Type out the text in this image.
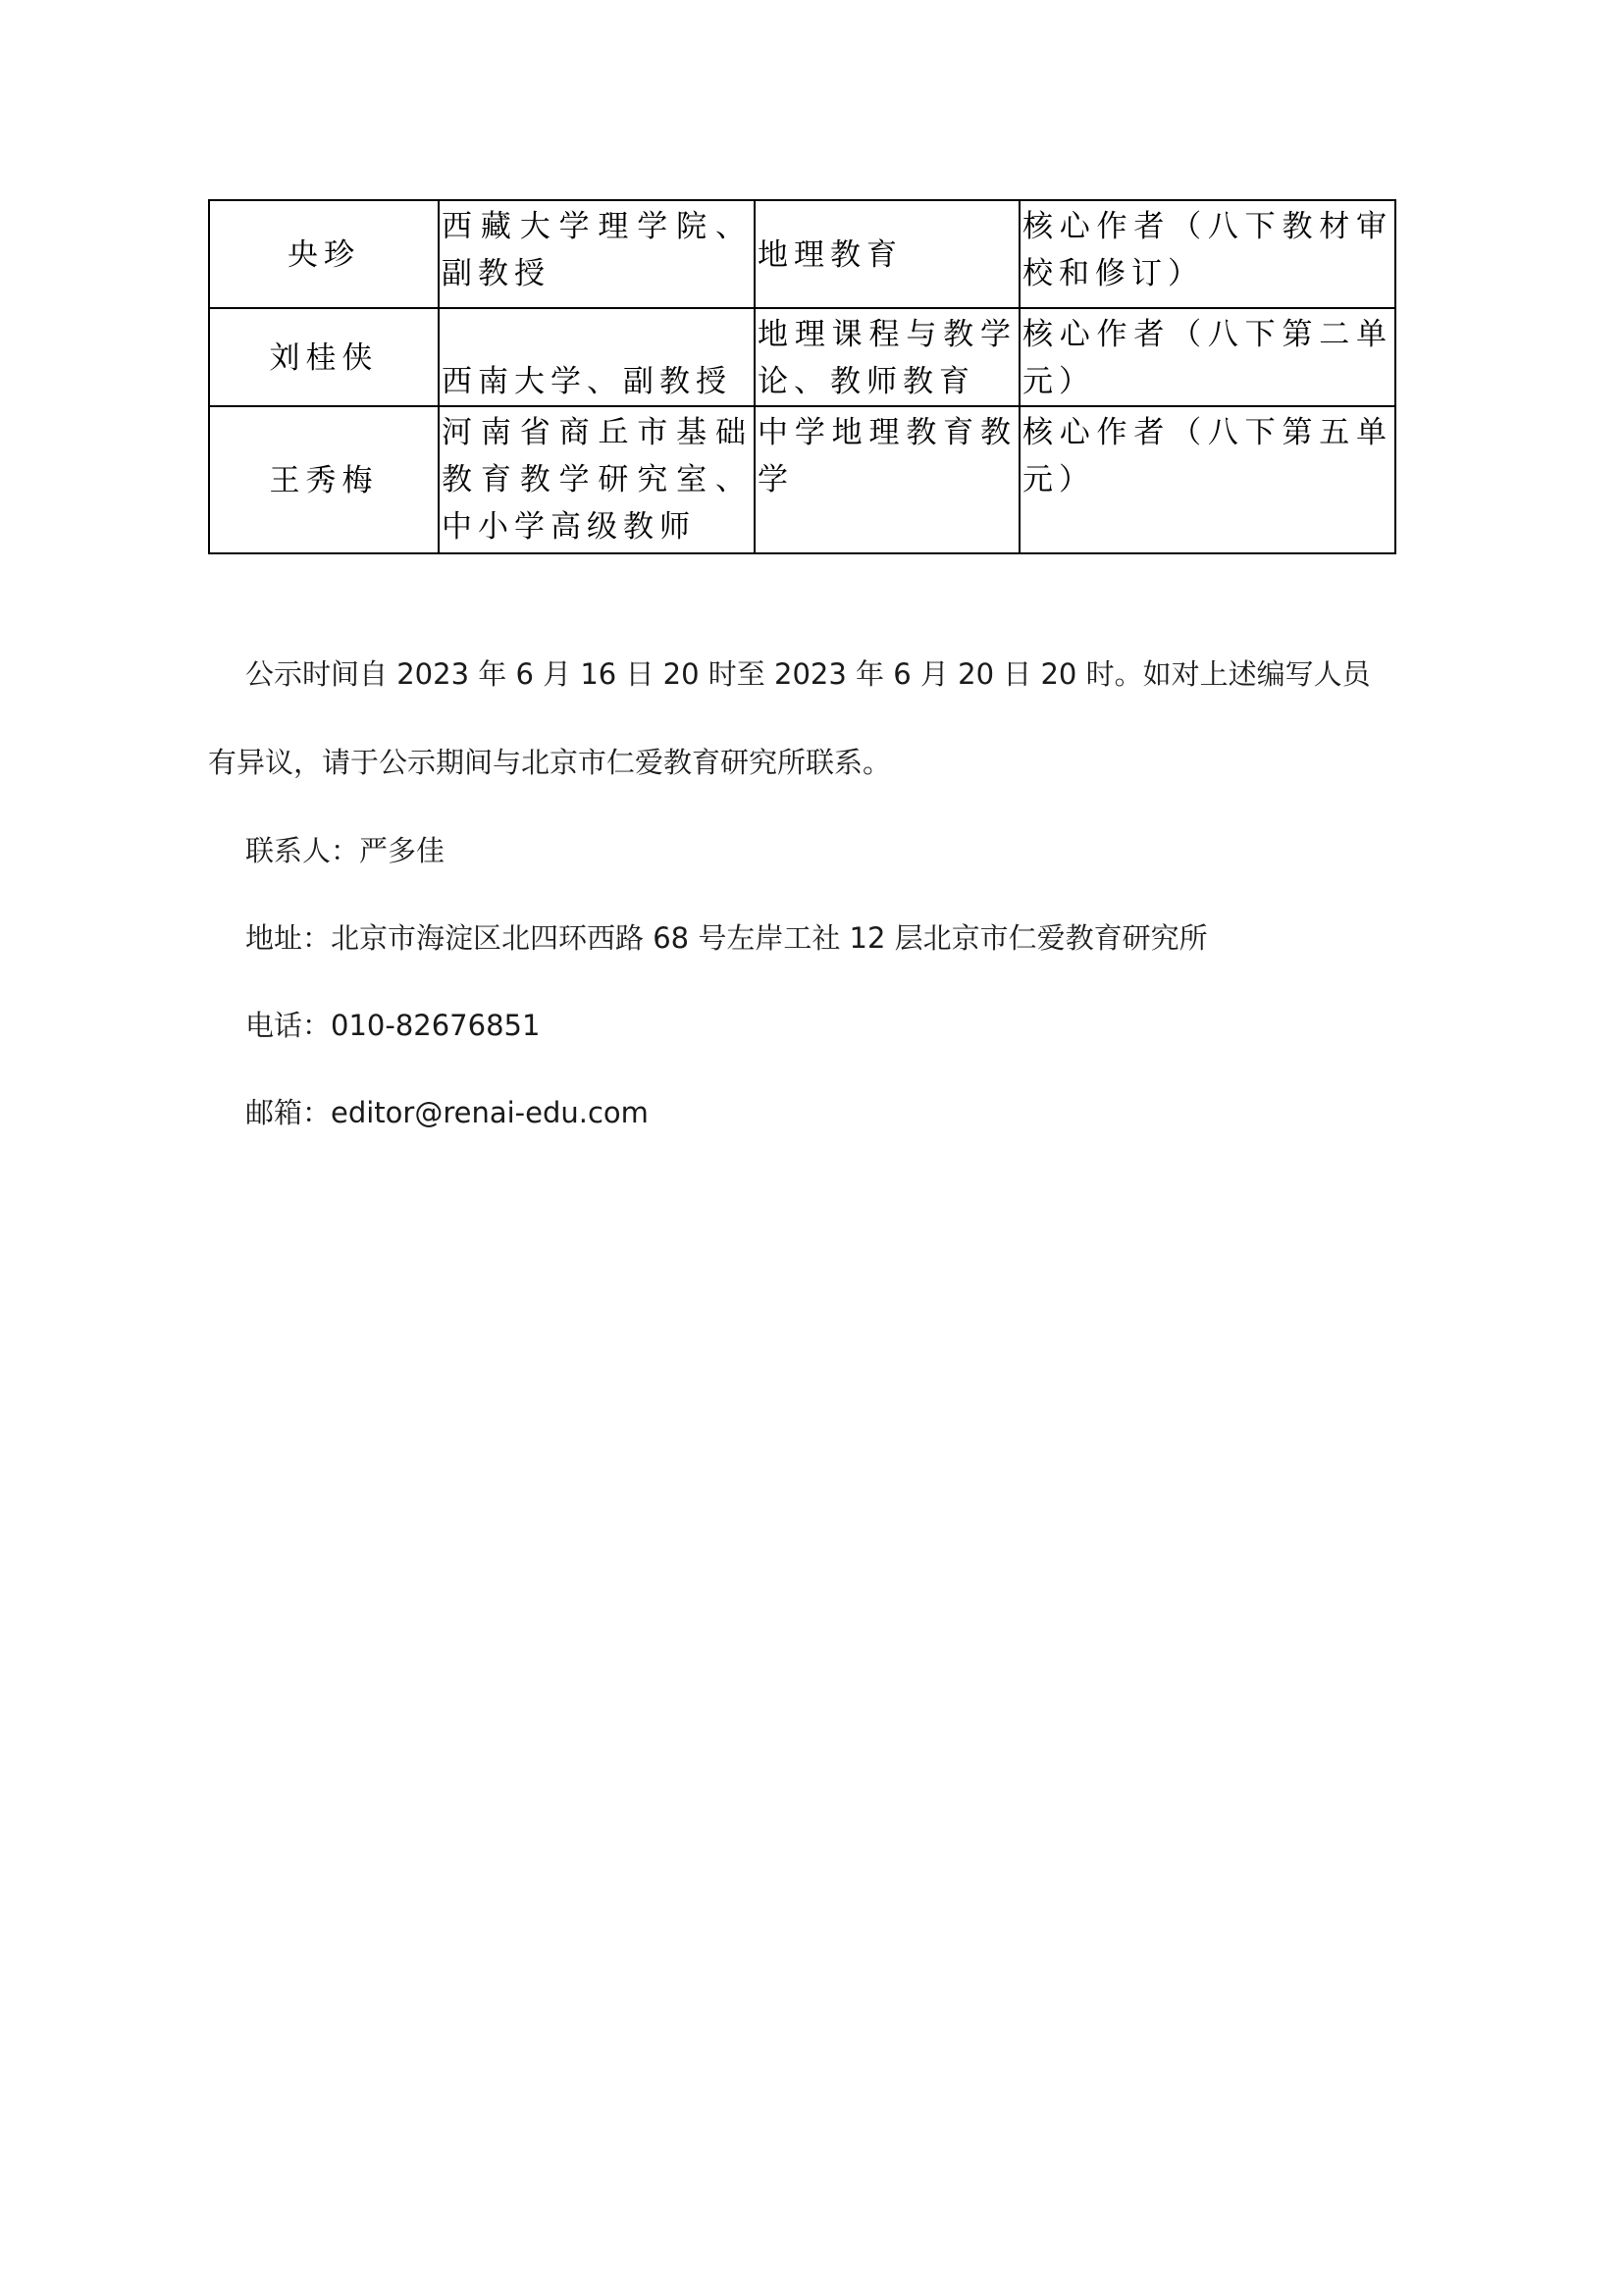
央珍	西藏大学理学院、副教授	地理教育	核心作者（八下教材审校和修订）
刘桂侠	西南大学、副教授	地理课程与教学论、教师教育	核心作者（八下第二单元）
王秀梅	河南省商丘市基础教育教学研究室、中小学高级教师	中学地理教育教学	核心作者（八下第五单元）

公示时间自 2023 年 6 月 16 日 20 时至 2023 年 6 月 20 日 20 时。如对上述编写人员

有异议，请于公示期间与北京市仁爱教育研究所联系。

联系人：严多佳

地址：北京市海淀区北四环西路 68 号左岸工社 12 层北京市仁爱教育研究所

电话：010-82676851

邮箱：editor@renai-edu.com
